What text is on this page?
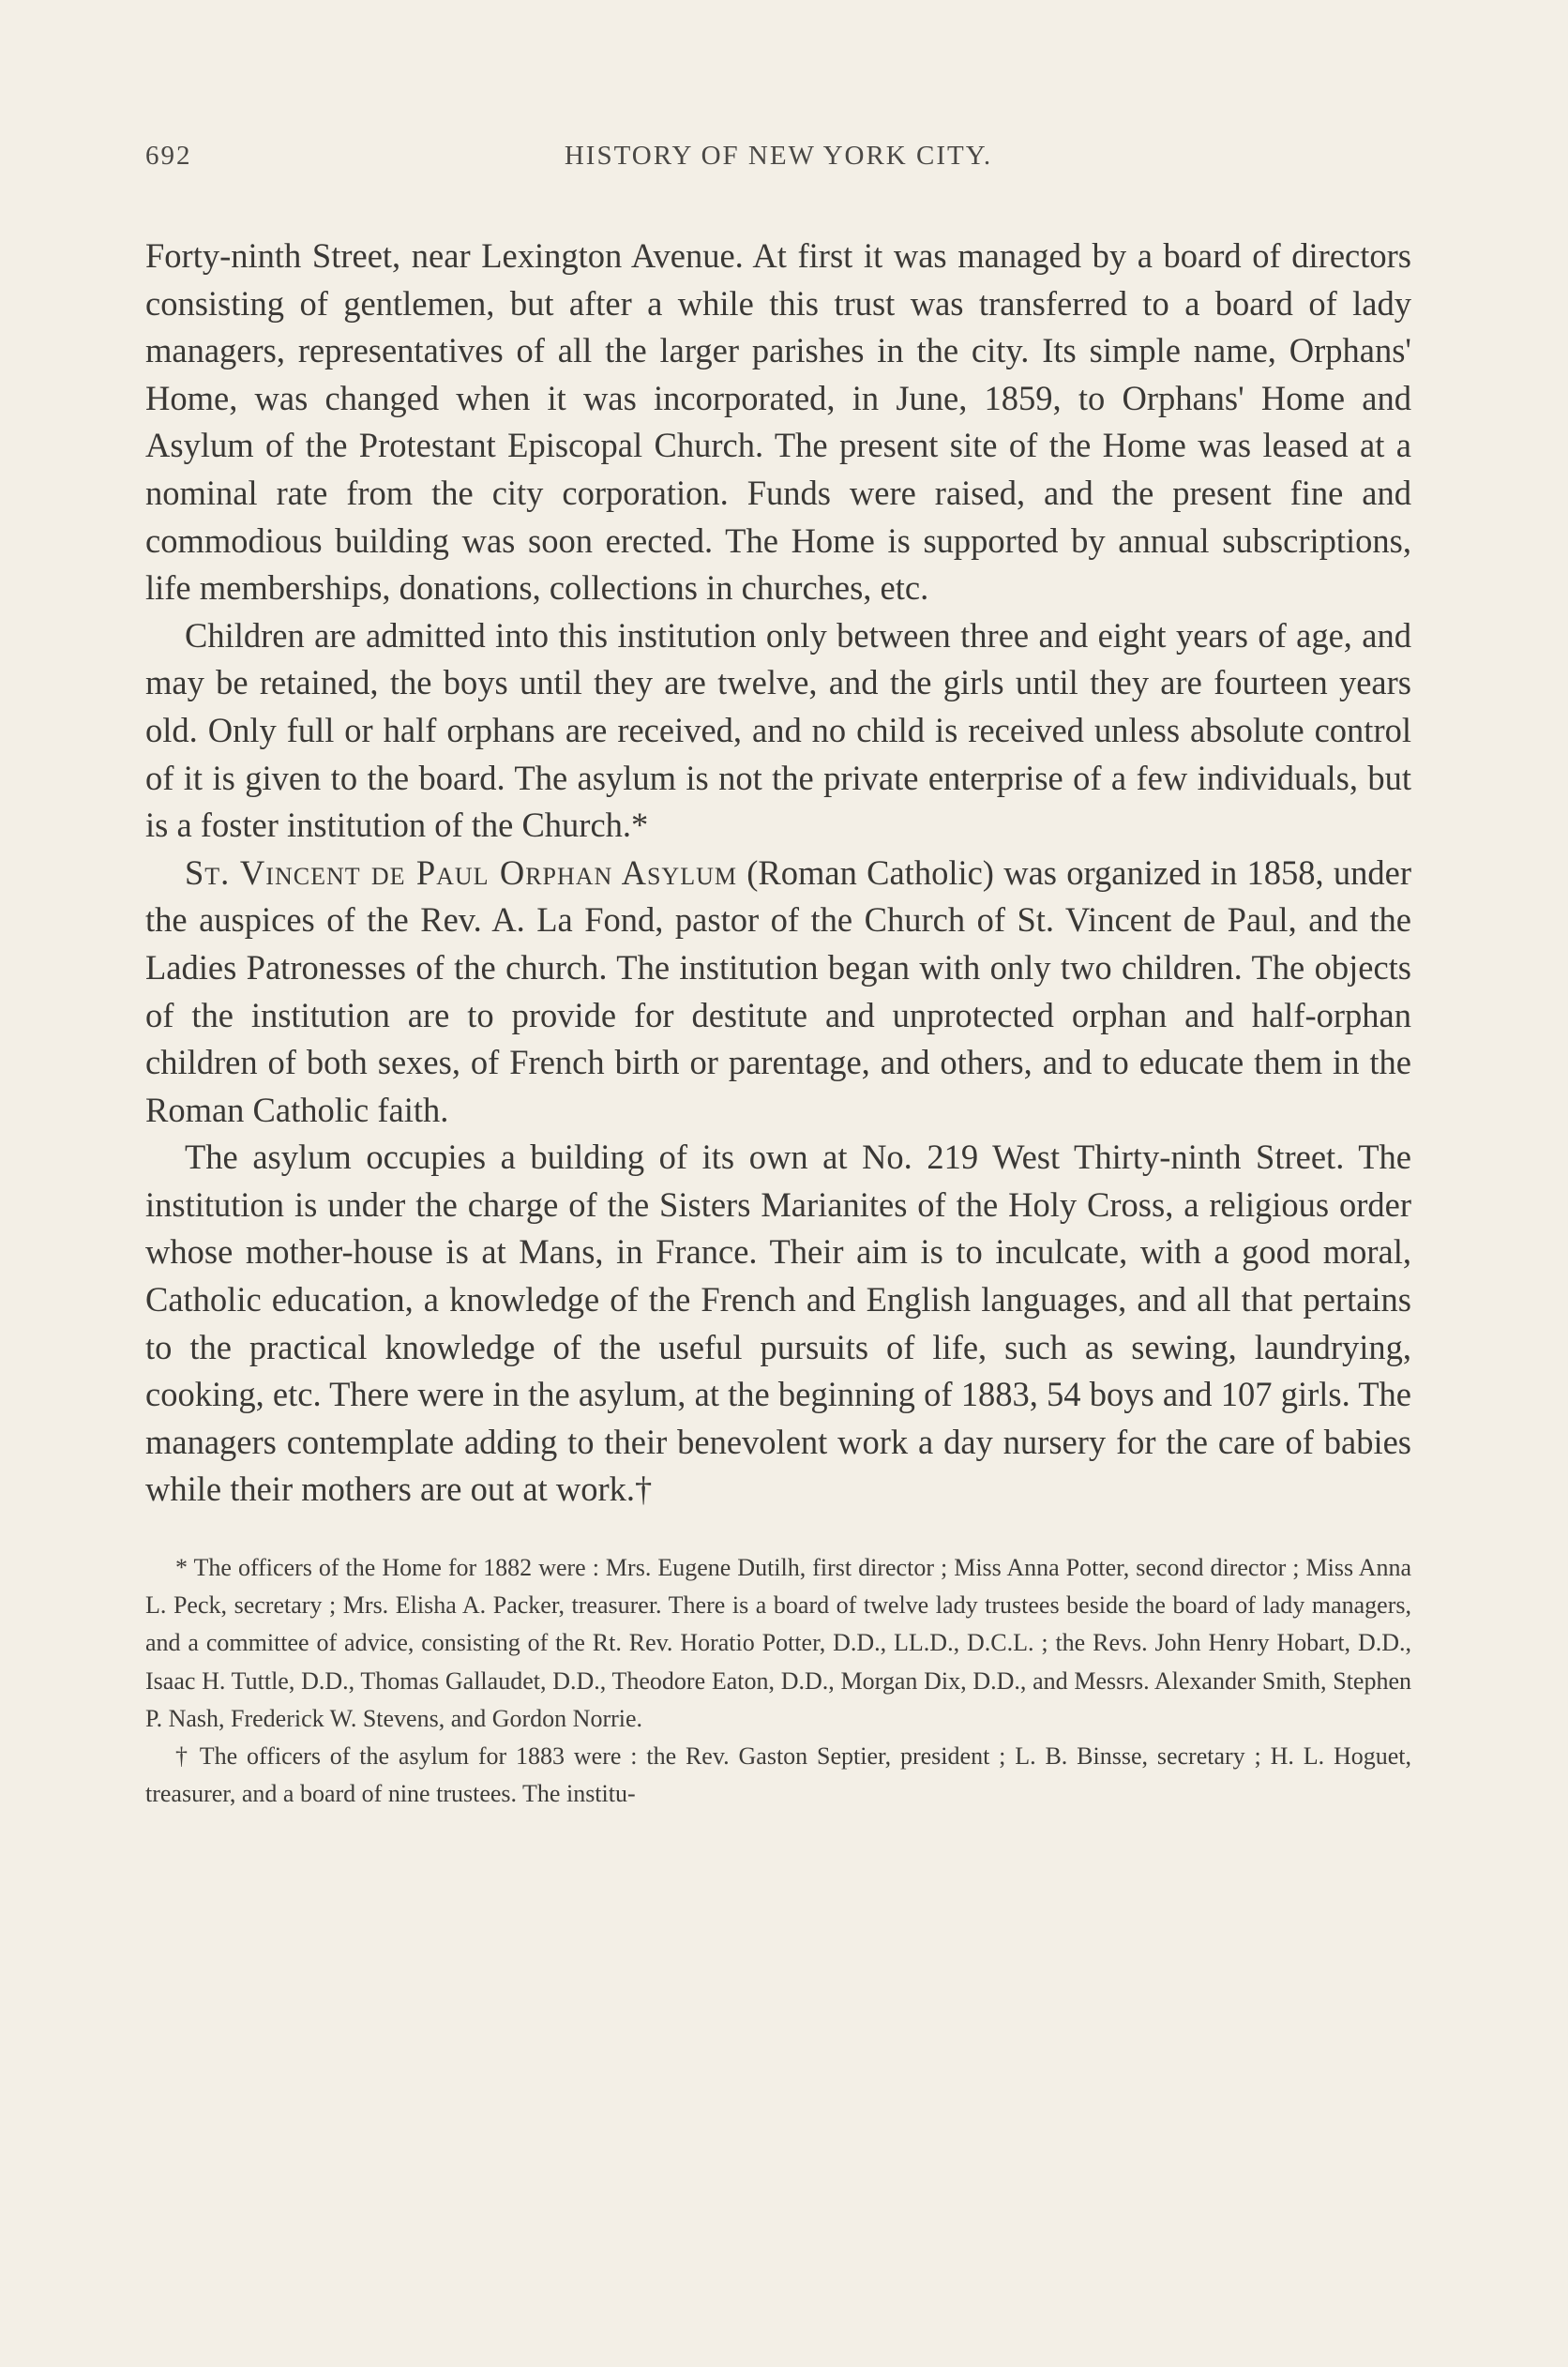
692	HISTORY OF NEW YORK CITY.

Forty-ninth Street, near Lexington Avenue. At first it was managed by a board of directors consisting of gentlemen, but after a while this trust was transferred to a board of lady managers, representatives of all the larger parishes in the city. Its simple name, Orphans' Home, was changed when it was incorporated, in June, 1859, to Orphans' Home and Asylum of the Protestant Episcopal Church. The present site of the Home was leased at a nominal rate from the city corporation. Funds were raised, and the present fine and commodious building was soon erected. The Home is supported by annual subscriptions, life memberships, donations, collections in churches, etc.

Children are admitted into this institution only between three and eight years of age, and may be retained, the boys until they are twelve, and the girls until they are fourteen years old. Only full or half orphans are received, and no child is received unless absolute control of it is given to the board. The asylum is not the private enterprise of a few individuals, but is a foster institution of the Church.*

St. Vincent de Paul Orphan Asylum (Roman Catholic) was organized in 1858, under the auspices of the Rev. A. La Fond, pastor of the Church of St. Vincent de Paul, and the Ladies Patronesses of the church. The institution began with only two children. The objects of the institution are to provide for destitute and unprotected orphan and half-orphan children of both sexes, of French birth or parentage, and others, and to educate them in the Roman Catholic faith.

The asylum occupies a building of its own at No. 219 West Thirty-ninth Street. The institution is under the charge of the Sisters Marianites of the Holy Cross, a religious order whose mother-house is at Mans, in France. Their aim is to inculcate, with a good moral, Catholic education, a knowledge of the French and English languages, and all that pertains to the practical knowledge of the useful pursuits of life, such as sewing, laundrying, cooking, etc. There were in the asylum, at the beginning of 1883, 54 boys and 107 girls. The managers contemplate adding to their benevolent work a day nursery for the care of babies while their mothers are out at work.†

* The officers of the Home for 1882 were : Mrs. Eugene Dutilh, first director ; Miss Anna Potter, second director ; Miss Anna L. Peck, secretary ; Mrs. Elisha A. Packer, treasurer. There is a board of twelve lady trustees beside the board of lady managers, and a committee of advice, consisting of the Rt. Rev. Horatio Potter, D.D., LL.D., D.C.L. ; the Revs. John Henry Hobart, D.D., Isaac H. Tuttle, D.D., Thomas Gallaudet, D.D., Theodore Eaton, D.D., Morgan Dix, D.D., and Messrs. Alexander Smith, Stephen P. Nash, Frederick W. Stevens, and Gordon Norrie.

† The officers of the asylum for 1883 were : the Rev. Gaston Septier, president ; L. B. Binsse, secretary ; H. L. Hoguet, treasurer, and a board of nine trustees. The institu-
